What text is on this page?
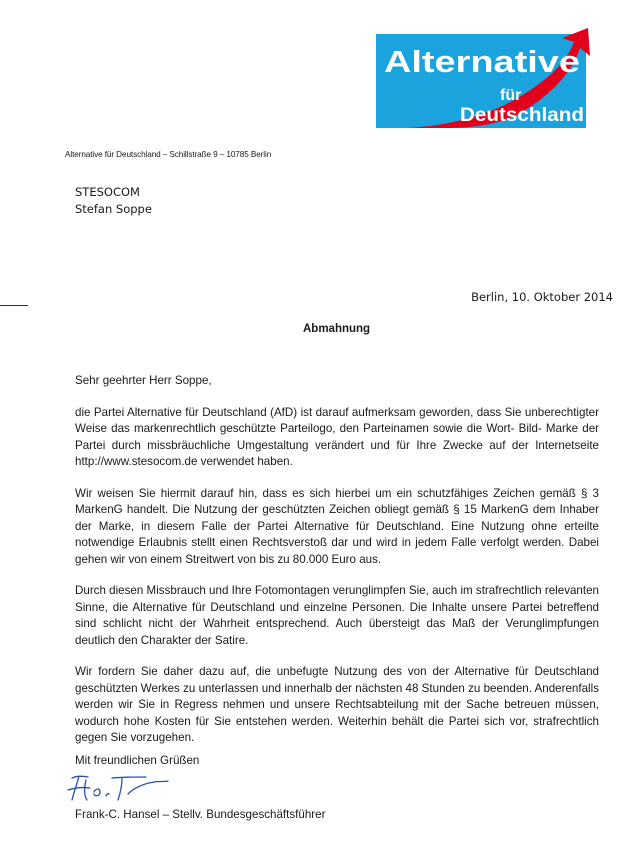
Alternative
für
Deutschland
Alternative für Deutschland – Schillstraße 9 – 10785 Berlin
STESOCOM
Stefan Soppe
Berlin, 10. Oktober 2014
Abmahnung

Sehr geehrter Herr Soppe,

die Partei Alternative für Deutschland (AfD) ist darauf aufmerksam geworden, dass Sie unberechtigter Weise das markenrechtlich geschützte Parteilogo, den Parteinamen sowie die Wort- Bild- Marke der Partei durch missbräuchliche Umgestaltung verändert und für Ihre Zwecke auf der Internetseite http://www.stesocom.de verwendet haben.

Wir weisen Sie hiermit darauf hin, dass es sich hierbei um ein schutzfähiges Zeichen gemäß § 3 MarkenG handelt. Die Nutzung der geschützten Zeichen obliegt gemäß § 15 MarkenG dem Inhaber der Marke, in diesem Falle der Partei Alternative für Deutschland. Eine Nutzung ohne erteilte notwendige Erlaubnis stellt einen Rechtsverstoß dar und wird in jedem Falle verfolgt werden. Dabei gehen wir von einem Streitwert von bis zu 80.000 Euro aus.

Durch diesen Missbrauch und Ihre Fotomontagen verunglimpfen Sie, auch im strafrechtlich relevanten Sinne, die Alternative für Deutschland und einzelne Personen. Die Inhalte unsere Partei betreffend sind schlicht nicht der Wahrheit entsprechend. Auch übersteigt das Maß der Verunglimpfungen deutlich den Charakter der Satire.

Wir fordern Sie daher dazu auf, die unbefugte Nutzung des von der Alternative für Deutschland geschützten Werkes zu unterlassen und innerhalb der nächsten 48 Stunden zu beenden. Anderenfalls werden wir Sie in Regress nehmen und unsere Rechtsabteilung mit der Sache betreuen müssen, wodurch hohe Kosten für Sie entstehen werden. Weiterhin behält die Partei sich vor, strafrechtlich gegen Sie vorzugehen.

Mit freundlichen Grüßen
Frank-C. Hansel – Stellv. Bundesgeschäftsführer
